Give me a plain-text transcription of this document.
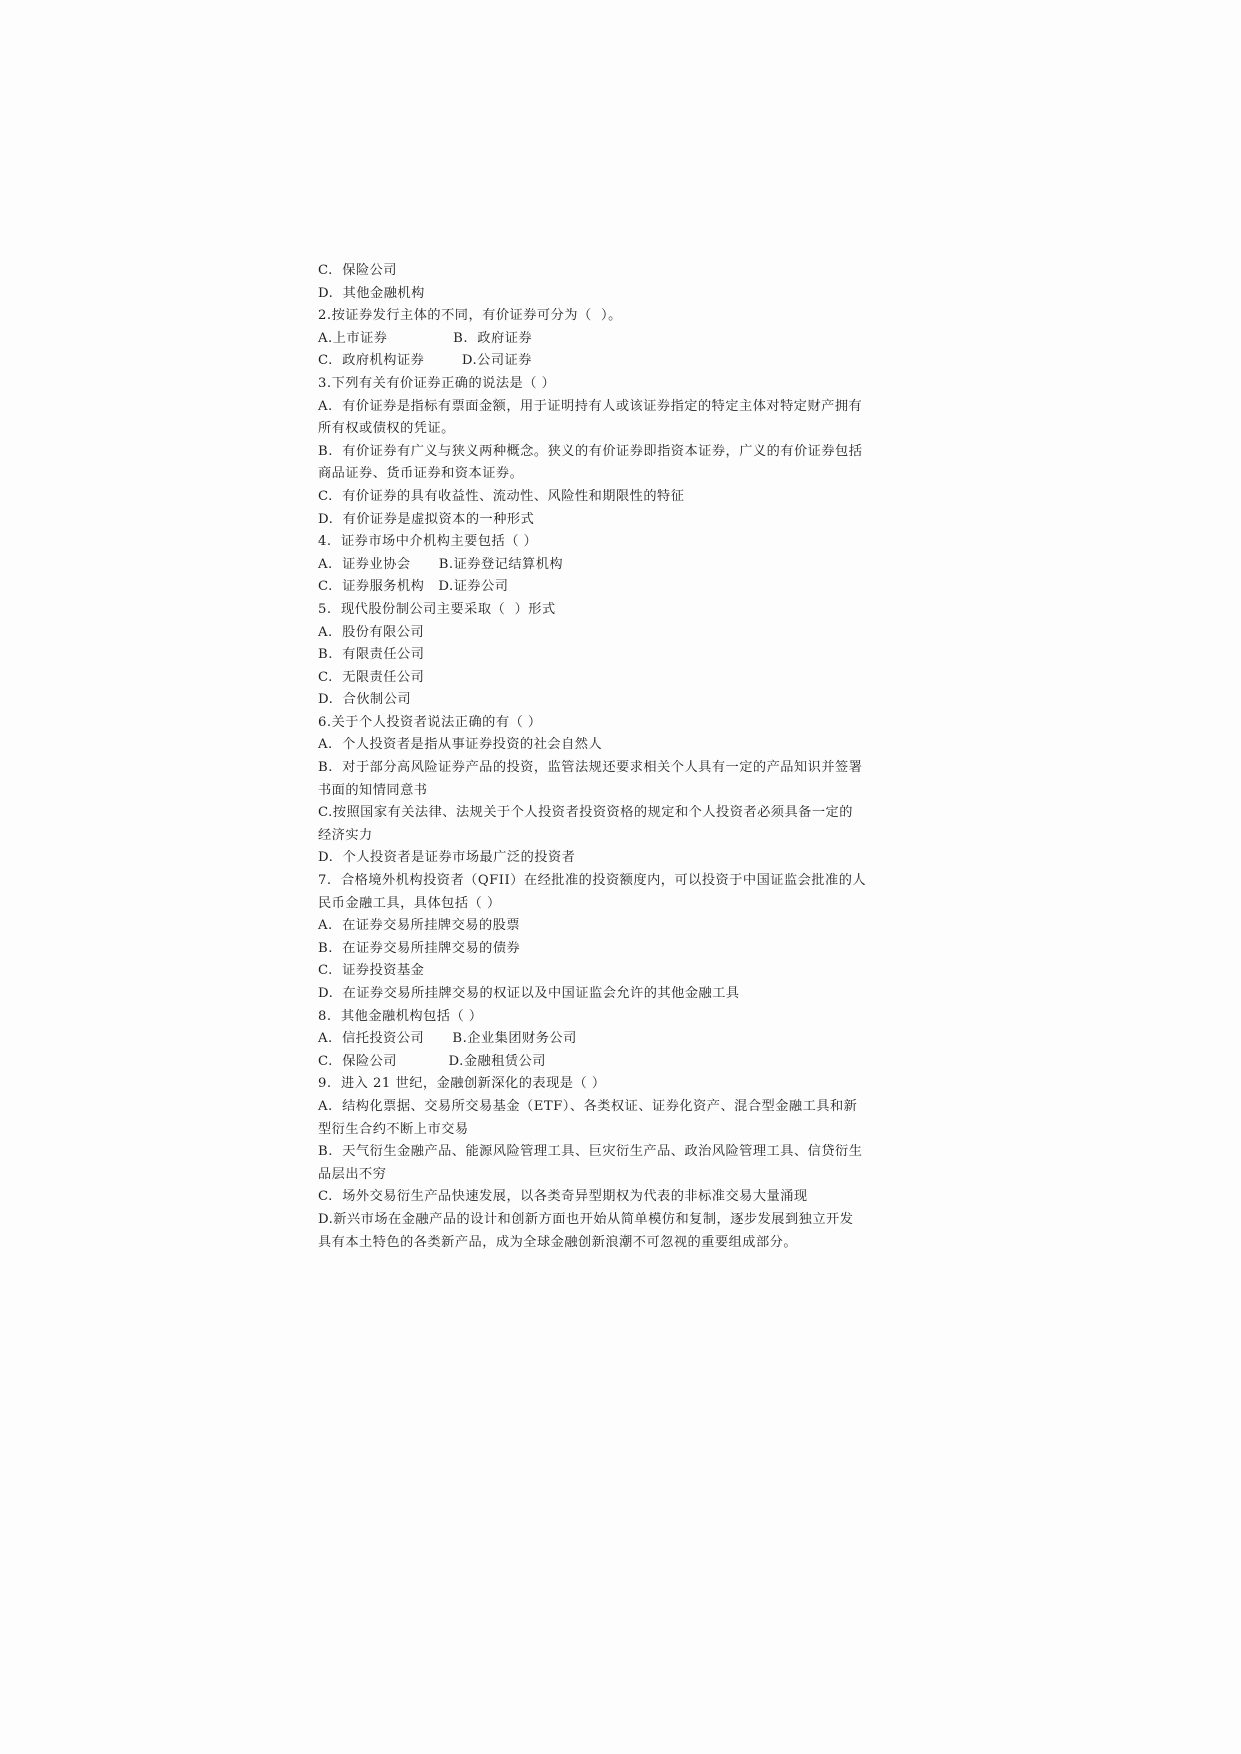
C.  保险公司
D.  其他金融机构
2.按证券发行主体的不同，有价证券可分为（  ）。
A.上市证券              B.  政府证券
C.  政府机构证券        D.公司证券
3.下列有关有价证券正确的说法是（ ）
A.  有价证券是指标有票面金额，用于证明持有人或该证券指定的特定主体对特定财产拥有
所有权或债权的凭证。
B.  有价证券有广义与狭义两种概念。狭义的有价证券即指资本证券，广义的有价证券包括
商品证券、货币证券和资本证券。
C.  有价证券的具有收益性、流动性、风险性和期限性的特征
D.  有价证券是虚拟资本的一种形式
4.  证券市场中介机构主要包括（ ）
A.  证券业协会      B.证券登记结算机构
C.  证券服务机构   D.证券公司
5.  现代股份制公司主要采取（  ）形式
A.  股份有限公司
B.  有限责任公司
C.  无限责任公司
D.  合伙制公司
6.关于个人投资者说法正确的有（ ）
A.  个人投资者是指从事证券投资的社会自然人
B.  对于部分高风险证券产品的投资，监管法规还要求相关个人具有一定的产品知识并签署
书面的知情同意书
C.按照国家有关法律、法规关于个人投资者投资资格的规定和个人投资者必须具备一定的
经济实力
D.  个人投资者是证券市场最广泛的投资者
7.  合格境外机构投资者（QFII）在经批准的投资额度内，可以投资于中国证监会批准的人
民币金融工具，具体包括（ ）
A.  在证券交易所挂牌交易的股票
B.  在证券交易所挂牌交易的债券
C.  证券投资基金
D.  在证券交易所挂牌交易的权证以及中国证监会允许的其他金融工具
8.  其他金融机构包括（ ）
A.  信托投资公司      B.企业集团财务公司
C.  保险公司           D.金融租赁公司
9.  进入 21 世纪，金融创新深化的表现是（ ）
A.  结构化票据、交易所交易基金（ETF）、各类权证、证券化资产、混合型金融工具和新
型衍生合约不断上市交易
B.  天气衍生金融产品、能源风险管理工具、巨灾衍生产品、政治风险管理工具、信贷衍生
品层出不穷
C.  场外交易衍生产品快速发展，以各类奇异型期权为代表的非标准交易大量涌现
D.新兴市场在金融产品的设计和创新方面也开始从简单模仿和复制，逐步发展到独立开发
具有本土特色的各类新产品，成为全球金融创新浪潮不可忽视的重要组成部分。
